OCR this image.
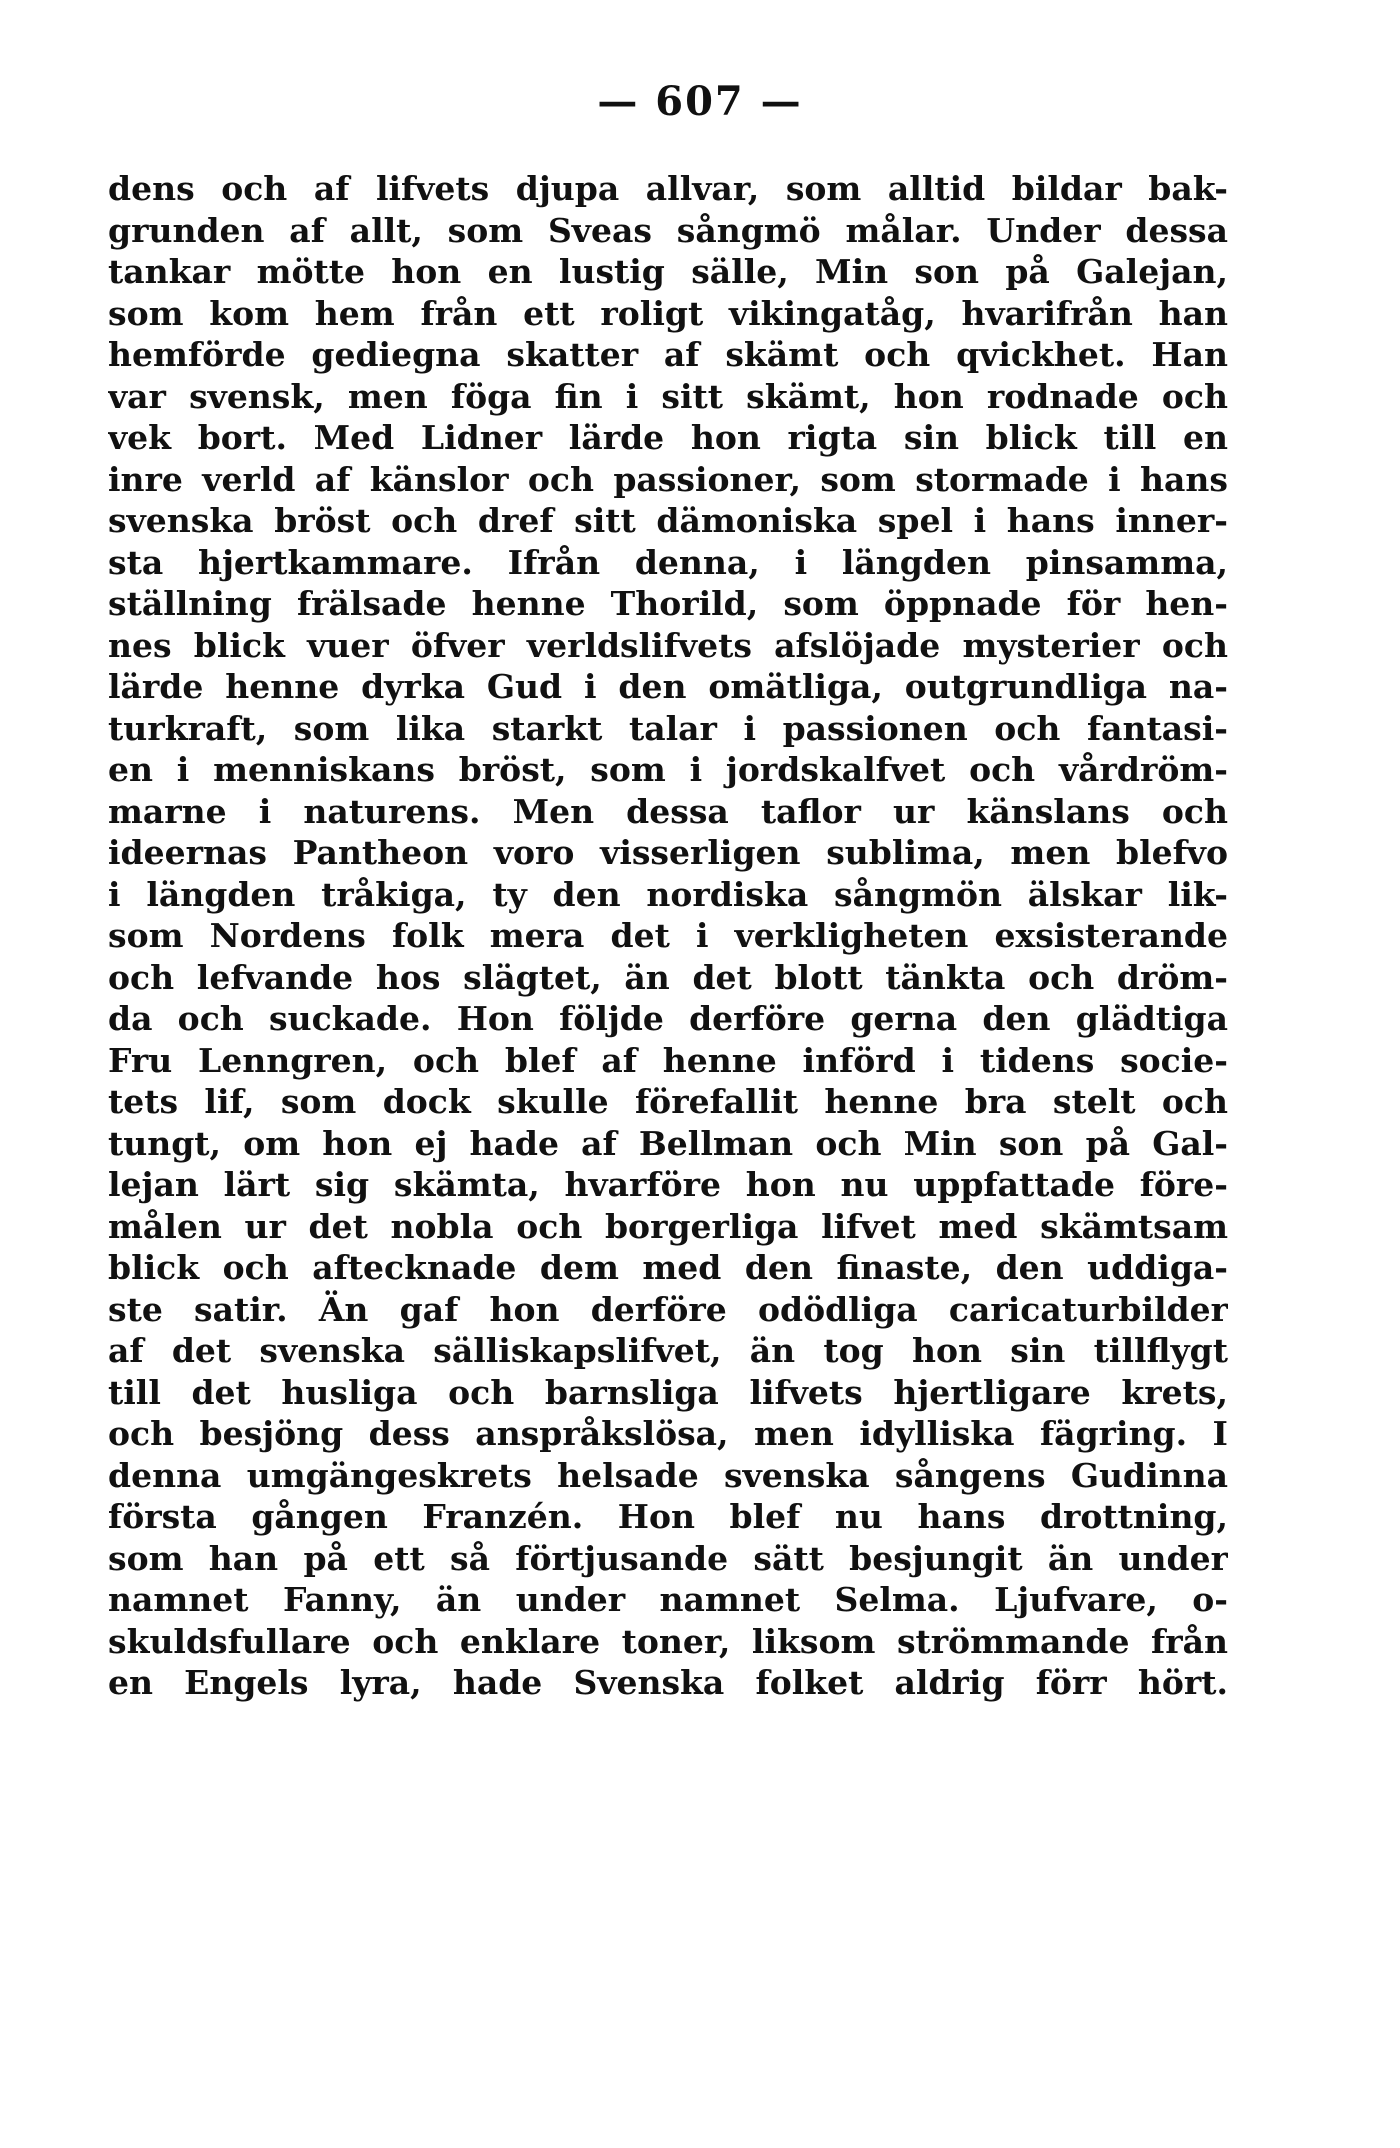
— 607 —
dens och af lifvets djupa allvar, som alltid bildar bak-
grunden af allt, som Sveas sångmö målar. Under dessa
tankar mötte hon en lustig sälle, Min son på Galejan,
som kom hem från ett roligt vikingatåg, hvarifrån han
hemförde gediegna skatter af skämt och qvickhet. Han
var svensk, men föga fin i sitt skämt, hon rodnade och
vek bort. Med Lidner lärde hon rigta sin blick till en
inre verld af känslor och passioner, som stormade i hans
svenska bröst och dref sitt dämoniska spel i hans inner-
sta hjertkammare. Ifrån denna, i längden pinsamma,
ställning frälsade henne Thorild, som öppnade för hen-
nes blick vuer öfver verldslifvets afslöjade mysterier och
lärde henne dyrka Gud i den omätliga, outgrundliga na-
turkraft, som lika starkt talar i passionen och fantasi-
en i menniskans bröst, som i jordskalfvet och vårdröm-
marne i naturens. Men dessa taflor ur känslans och
ideernas Pantheon voro visserligen sublima, men blefvo
i längden tråkiga, ty den nordiska sångmön älskar lik-
som Nordens folk mera det i verkligheten exsisterande
och lefvande hos slägtet, än det blott tänkta och dröm-
da och suckade. Hon följde derföre gerna den glädtiga
Fru Lenngren, och blef af henne införd i tidens socie-
tets lif, som dock skulle förefallit henne bra stelt och
tungt, om hon ej hade af Bellman och Min son på Gal-
lejan lärt sig skämta, hvarföre hon nu uppfattade före-
målen ur det nobla och borgerliga lifvet med skämtsam
blick och aftecknade dem med den finaste, den uddiga-
ste satir. Än gaf hon derföre odödliga caricaturbilder
af det svenska sälliskapslifvet, än tog hon sin tillflygt
till det husliga och barnsliga lifvets hjertligare krets,
och besjöng dess anspråkslösa, men idylliska fägring. I
denna umgängeskrets helsade svenska sångens Gudinna
första gången Franzén. Hon blef nu hans drottning,
som han på ett så förtjusande sätt besjungit än under
namnet Fanny, än under namnet Selma. Ljufvare, o-
skuldsfullare och enklare toner, liksom strömmande från
en Engels lyra, hade Svenska folket aldrig förr hört.
